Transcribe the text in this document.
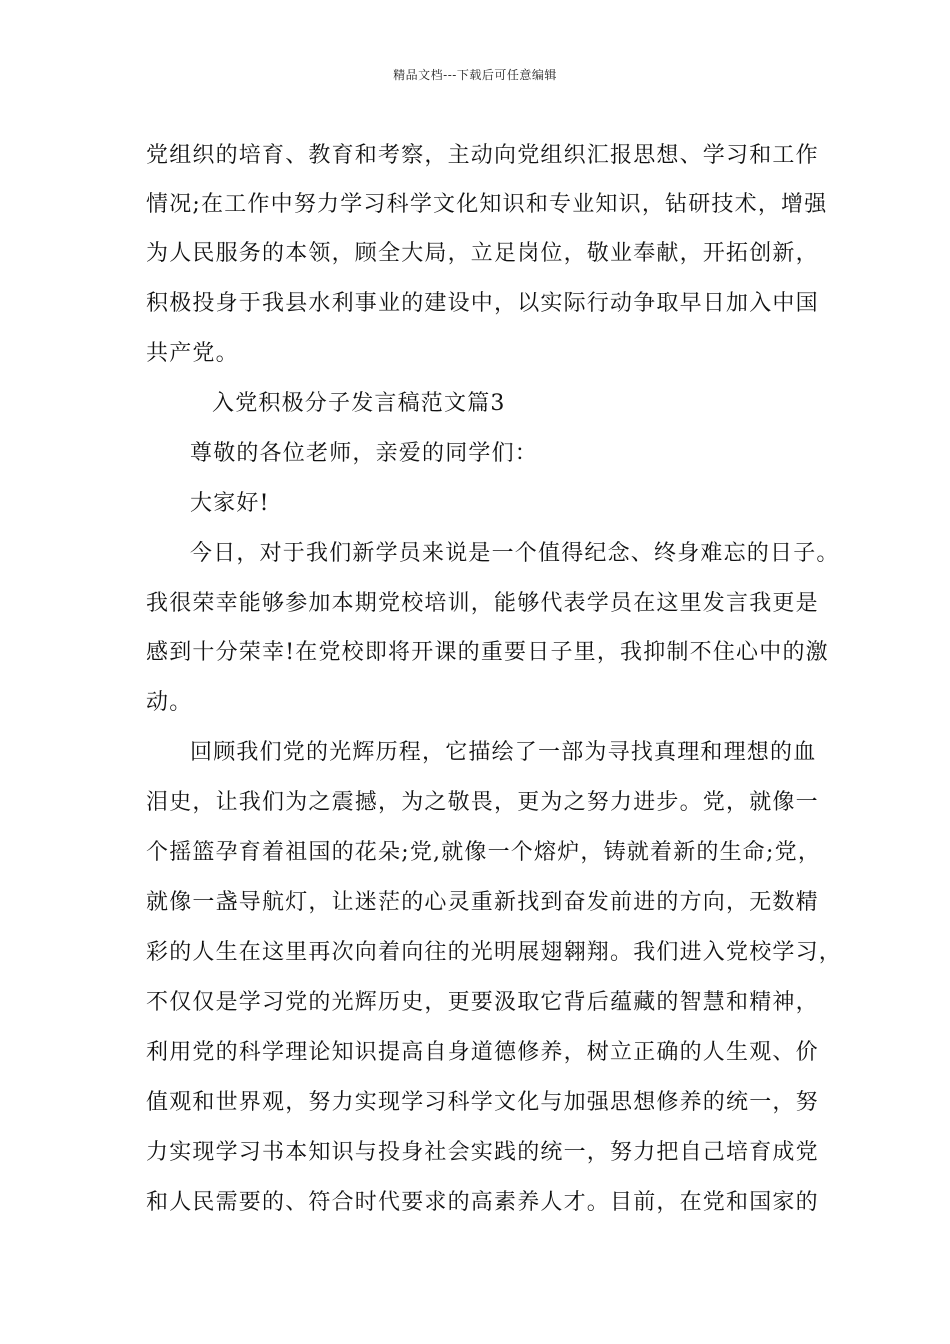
精品文档---下载后可任意编辑
党组织的培育、教育和考察，主动向党组织汇报思想、学习和工作
情况;在工作中努力学习科学文化知识和专业知识，钻研技术，增强
为人民服务的本领，顾全大局，立足岗位，敬业奉献，开拓创新，
积极投身于我县水利事业的建设中，以实际行动争取早日加入中国
共产党。
入党积极分子发言稿范文篇3
尊敬的各位老师，亲爱的同学们：
大家好!
今日，对于我们新学员来说是一个值得纪念、终身难忘的日子。
我很荣幸能够参加本期党校培训，能够代表学员在这里发言我更是
感到十分荣幸!在党校即将开课的重要日子里，我抑制不住心中的激
动。
回顾我们党的光辉历程，它描绘了一部为寻找真理和理想的血
泪史，让我们为之震撼，为之敬畏，更为之努力进步。党，就像一
个摇篮孕育着祖国的花朵;党,就像一个熔炉，铸就着新的生命;党，
就像一盏导航灯，让迷茫的心灵重新找到奋发前进的方向，无数精
彩的人生在这里再次向着向往的光明展翅翱翔。我们进入党校学习，
不仅仅是学习党的光辉历史，更要汲取它背后蕴藏的智慧和精神，
利用党的科学理论知识提高自身道德修养，树立正确的人生观、价
值观和世界观，努力实现学习科学文化与加强思想修养的统一，努
力实现学习书本知识与投身社会实践的统一，努力把自己培育成党
和人民需要的、符合时代要求的高素养人才。目前，在党和国家的
